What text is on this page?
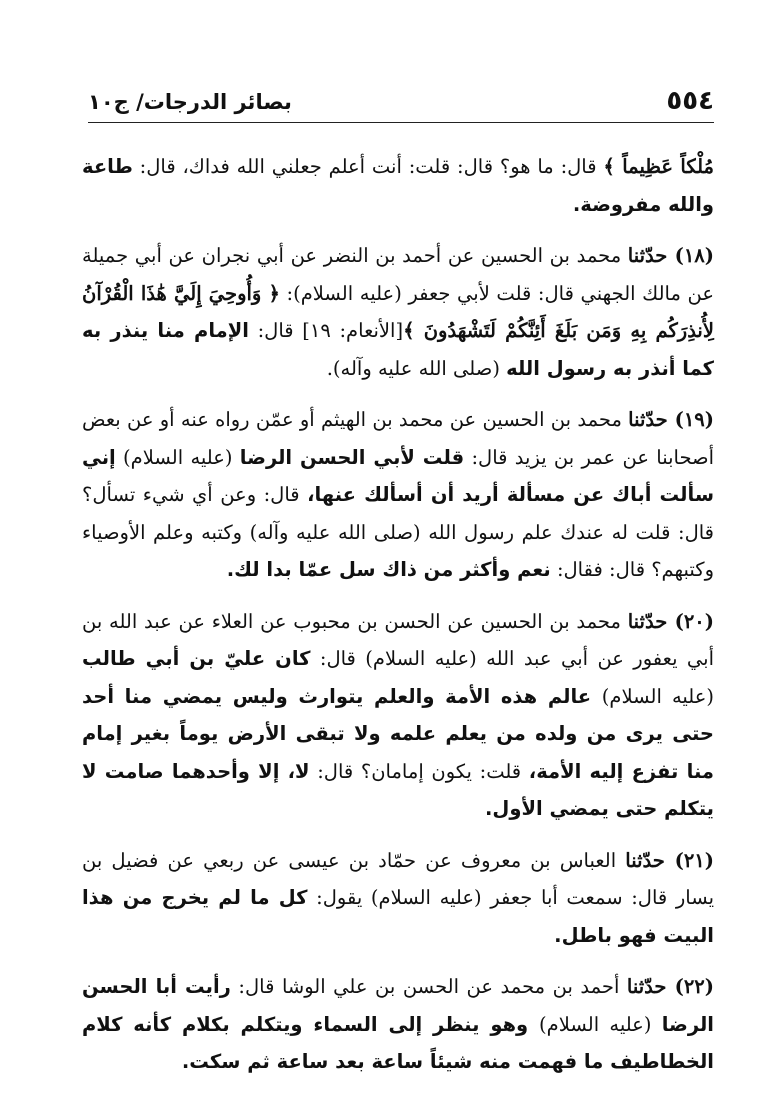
٥٥٤
بصائر الدرجات/ ج١٠

مُلْكاً عَظِيماً ﴾ قال: ما هو؟ قال: قلت: أنت أعلم جعلني الله فداك، قال: طاعة والله مفروضة.

(١٨) حدّثنا محمد بن الحسين عن أحمد بن النضر عن أبي نجران عن أبي جميلة عن مالك الجهني قال: قلت لأبي جعفر (عليه السلام): ﴿ وَأُوحِيَ إِلَيَّ هَٰذَا الْقُرْآنُ لِأُنذِرَكُم بِهِ وَمَن بَلَغَ أَئِنَّكُمْ لَتَشْهَدُونَ ﴾[الأنعام: ١٩] قال: الإمام منا ينذر به كما أنذر به رسول الله (صلى الله عليه وآله).

(١٩) حدّثنا محمد بن الحسين عن محمد بن الهيثم أو عمّن رواه عنه أو عن بعض أصحابنا عن عمر بن يزيد قال: قلت لأبي الحسن الرضا (عليه السلام) إني سألت أباك عن مسألة أريد أن أسألك عنها، قال: وعن أي شيء تسأل؟ قال: قلت له عندك علم رسول الله (صلى الله عليه وآله) وكتبه وعلم الأوصياء وكتبهم؟ قال: فقال: نعم وأكثر من ذاك سل عمّا بدا لك.

(٢٠) حدّثنا محمد بن الحسين عن الحسن بن محبوب عن العلاء عن عبد الله بن أبي يعفور عن أبي عبد الله (عليه السلام) قال: كان عليّ بن أبي طالب (عليه السلام) عالم هذه الأمة والعلم يتوارث وليس يمضي منا أحد حتى يرى من ولده من يعلم علمه ولا تبقى الأرض يوماً بغير إمام منا تفزع إليه الأمة، قلت: يكون إمامان؟ قال: لا، إلا وأحدهما صامت لا يتكلم حتى يمضي الأول.

(٢١) حدّثنا العباس بن معروف عن حمّاد بن عيسى عن ربعي عن فضيل بن يسار قال: سمعت أبا جعفر (عليه السلام) يقول: كل ما لم يخرج من هذا البيت فهو باطل.

(٢٢) حدّثنا أحمد بن محمد عن الحسن بن علي الوشا قال: رأيت أبا الحسن الرضا (عليه السلام) وهو ينظر إلى السماء ويتكلم بكلام كأنه كلام الخطاطيف ما فهمت منه شيئاً ساعة بعد ساعة ثم سكت.
